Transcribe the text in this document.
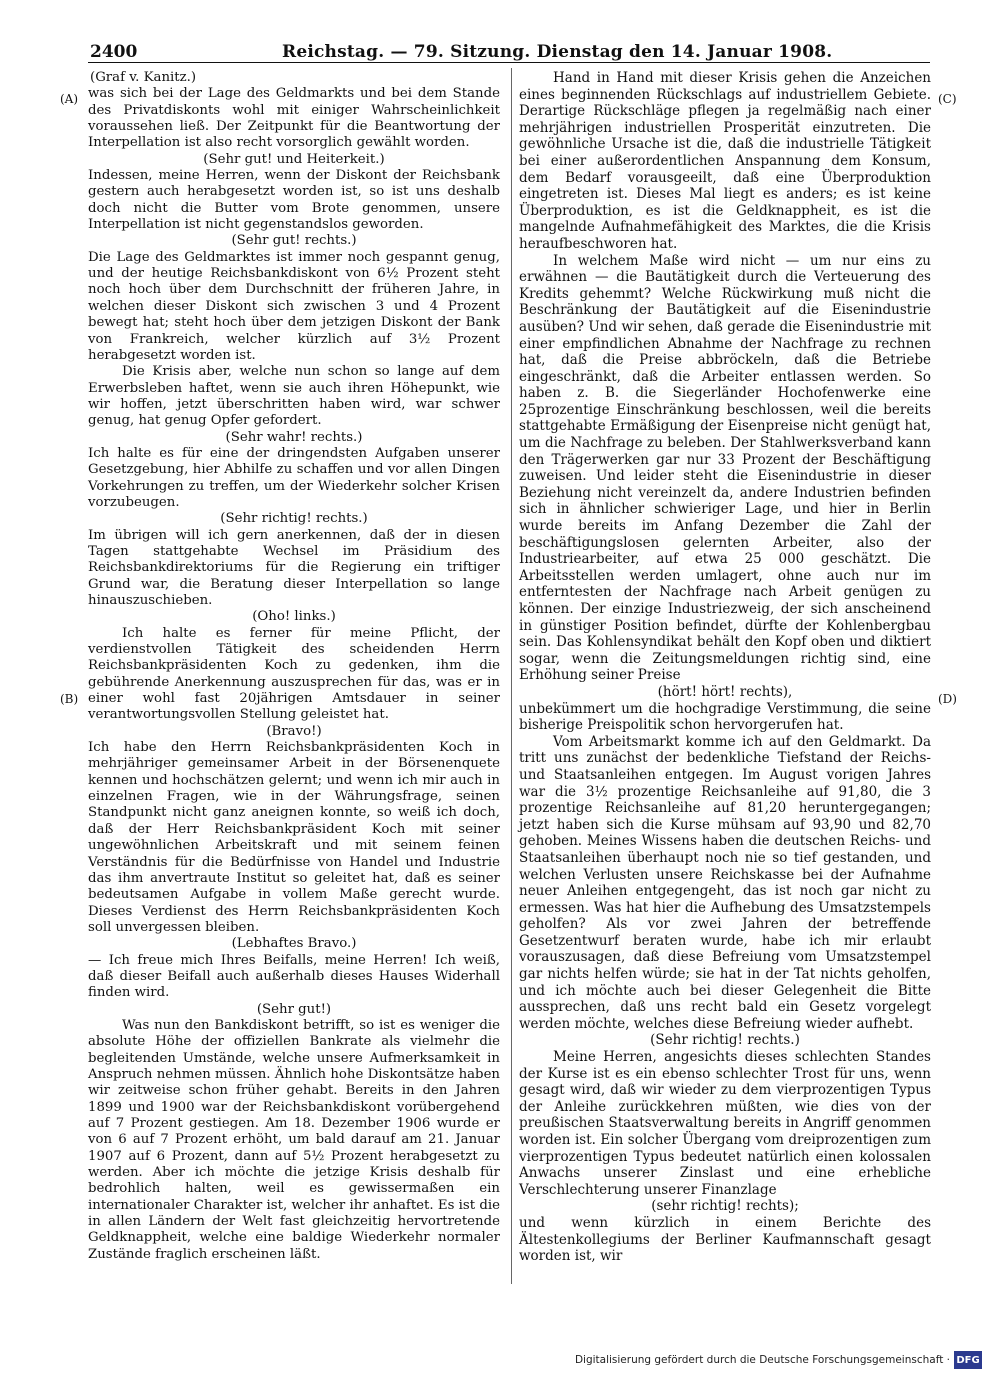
2400	Reichstag. — 79. Sitzung. Dienstag den 14. Januar 1908.
(A)
(B)
(C)
(D)

(Graf v. Kanitz.)

was sich bei der Lage des Geldmarkts und bei dem Stande des Privatdiskonts wohl mit einiger Wahrscheinlichkeit voraussehen ließ. Der Zeitpunkt für die Beantwortung der Interpellation ist also recht vorsorglich gewählt worden.

(Sehr gut! und Heiterkeit.)

Indessen, meine Herren, wenn der Diskont der Reichsbank gestern auch herabgesetzt worden ist, so ist uns deshalb doch nicht die Butter vom Brote genommen, unsere Interpellation ist nicht gegenstandslos geworden.

(Sehr gut! rechts.)

Die Lage des Geldmarktes ist immer noch gespannt genug, und der heutige Reichsbankdiskont von 6½ Prozent steht noch hoch über dem Durchschnitt der früheren Jahre, in welchen dieser Diskont sich zwischen 3 und 4 Prozent bewegt hat; steht hoch über dem jetzigen Diskont der Bank von Frankreich, welcher kürzlich auf 3½ Prozent herabgesetzt worden ist.

Die Krisis aber, welche nun schon so lange auf dem Erwerbsleben haftet, wenn sie auch ihren Höhepunkt, wie wir hoffen, jetzt überschritten haben wird, war schwer genug, hat genug Opfer gefordert.

(Sehr wahr! rechts.)

Ich halte es für eine der dringendsten Aufgaben unserer Gesetzgebung, hier Abhilfe zu schaffen und vor allen Dingen Vorkehrungen zu treffen, um der Wiederkehr solcher Krisen vorzubeugen.

(Sehr richtig! rechts.)

Im übrigen will ich gern anerkennen, daß der in diesen Tagen stattgehabte Wechsel im Präsidium des Reichsbankdirektoriums für die Regierung ein triftiger Grund war, die Beratung dieser Interpellation so lange hinauszuschieben.

(Oho! links.)

Ich halte es ferner für meine Pflicht, der verdienstvollen Tätigkeit des scheidenden Herrn Reichsbankpräsidenten Koch zu gedenken, ihm die gebührende Anerkennung auszusprechen für das, was er in einer wohl fast 20jährigen Amtsdauer in seiner verantwortungsvollen Stellung geleistet hat.

(Bravo!)

Ich habe den Herrn Reichsbankpräsidenten Koch in mehrjähriger gemeinsamer Arbeit in der Börsenenquete kennen und hochschätzen gelernt; und wenn ich mir auch in einzelnen Fragen, wie in der Währungsfrage, seinen Standpunkt nicht ganz aneignen konnte, so weiß ich doch, daß der Herr Reichsbankpräsident Koch mit seiner ungewöhnlichen Arbeitskraft und mit seinem feinen Verständnis für die Bedürfnisse von Handel und Industrie das ihm anvertraute Institut so geleitet hat, daß es seiner bedeutsamen Aufgabe in vollem Maße gerecht wurde. Dieses Verdienst des Herrn Reichsbankpräsidenten Koch soll unvergessen bleiben.

(Lebhaftes Bravo.)

— Ich freue mich Ihres Beifalls, meine Herren! Ich weiß, daß dieser Beifall auch außerhalb dieses Hauses Widerhall finden wird.

(Sehr gut!)

Was nun den Bankdiskont betrifft, so ist es weniger die absolute Höhe der offiziellen Bankrate als vielmehr die begleitenden Umstände, welche unsere Aufmerksamkeit in Anspruch nehmen müssen. Ähnlich hohe Diskontsätze haben wir zeitweise schon früher gehabt. Bereits in den Jahren 1899 und 1900 war der Reichsbankdiskont vorübergehend auf 7 Prozent gestiegen. Am 18. Dezember 1906 wurde er von 6 auf 7 Prozent erhöht, um bald darauf am 21. Januar 1907 auf 6 Prozent, dann auf 5½ Prozent herabgesetzt zu werden. Aber ich möchte die jetzige Krisis deshalb für bedrohlich halten, weil es gewissermaßen ein internationaler Charakter ist, welcher ihr anhaftet. Es ist die in allen Ländern der Welt fast gleichzeitig hervortretende Geldknappheit, welche eine baldige Wiederkehr normaler Zustände fraglich erscheinen läßt.

Hand in Hand mit dieser Krisis gehen die Anzeichen eines beginnenden Rückschlags auf industriellem Gebiete. Derartige Rückschläge pflegen ja regelmäßig nach einer mehrjährigen industriellen Prosperität einzutreten. Die gewöhnliche Ursache ist die, daß die industrielle Tätigkeit bei einer außerordentlichen Anspannung dem Konsum, dem Bedarf vorausgeeilt, daß eine Überproduktion eingetreten ist. Dieses Mal liegt es anders; es ist keine Überproduktion, es ist die Geldknappheit, es ist die mangelnde Aufnahmefähigkeit des Marktes, die die Krisis heraufbeschworen hat.

In welchem Maße wird nicht — um nur eins zu erwähnen — die Bautätigkeit durch die Verteuerung des Kredits gehemmt? Welche Rückwirkung muß nicht die Beschränkung der Bautätigkeit auf die Eisenindustrie ausüben? Und wir sehen, daß gerade die Eisenindustrie mit einer empfindlichen Abnahme der Nachfrage zu rechnen hat, daß die Preise abbröckeln, daß die Betriebe eingeschränkt, daß die Arbeiter entlassen werden. So haben z. B. die Siegerländer Hochofenwerke eine 25prozentige Einschränkung beschlossen, weil die bereits stattgehabte Ermäßigung der Eisenpreise nicht genügt hat, um die Nachfrage zu beleben. Der Stahlwerksverband kann den Trägerwerken gar nur 33 Prozent der Beschäftigung zuweisen. Und leider steht die Eisenindustrie in dieser Beziehung nicht vereinzelt da, andere Industrien befinden sich in ähnlicher schwieriger Lage, und hier in Berlin wurde bereits im Anfang Dezember die Zahl der beschäftigungslosen gelernten Arbeiter, also der Industriearbeiter, auf etwa 25 000 geschätzt. Die Arbeitsstellen werden umlagert, ohne auch nur im entferntesten der Nachfrage nach Arbeit genügen zu können. Der einzige Industriezweig, der sich anscheinend in günstiger Position befindet, dürfte der Kohlenbergbau sein. Das Kohlensyndikat behält den Kopf oben und diktiert sogar, wenn die Zeitungsmeldungen richtig sind, eine Erhöhung seiner Preise

(hört! hört! rechts),

unbekümmert um die hochgradige Verstimmung, die seine bisherige Preispolitik schon hervorgerufen hat.

Vom Arbeitsmarkt komme ich auf den Geldmarkt. Da tritt uns zunächst der bedenkliche Tiefstand der Reichs- und Staatsanleihen entgegen. Im August vorigen Jahres war die 3½ prozentige Reichsanleihe auf 91,80, die 3 prozentige Reichsanleihe auf 81,20 heruntergegangen; jetzt haben sich die Kurse mühsam auf 93,90 und 82,70 gehoben. Meines Wissens haben die deutschen Reichs- und Staatsanleihen überhaupt noch nie so tief gestanden, und welchen Verlusten unsere Reichskasse bei der Aufnahme neuer Anleihen entgegengeht, das ist noch gar nicht zu ermessen. Was hat hier die Aufhebung des Umsatzstempels geholfen? Als vor zwei Jahren der betreffende Gesetzentwurf beraten wurde, habe ich mir erlaubt vorauszusagen, daß diese Befreiung vom Umsatzstempel gar nichts helfen würde; sie hat in der Tat nichts geholfen, und ich möchte auch bei dieser Gelegenheit die Bitte aussprechen, daß uns recht bald ein Gesetz vorgelegt werden möchte, welches diese Befreiung wieder aufhebt.

(Sehr richtig! rechts.)

Meine Herren, angesichts dieses schlechten Standes der Kurse ist es ein ebenso schlechter Trost für uns, wenn gesagt wird, daß wir wieder zu dem vierprozentigen Typus der Anleihe zurückkehren müßten, wie dies von der preußischen Staatsverwaltung bereits in Angriff genommen worden ist. Ein solcher Übergang vom dreiprozentigen zum vierprozentigen Typus bedeutet natürlich einen kolossalen Anwachs unserer Zinslast und eine erhebliche Verschlechterung unserer Finanzlage

(sehr richtig! rechts);

und wenn kürzlich in einem Berichte des Ältestenkollegiums der Berliner Kaufmannschaft gesagt worden ist, wir

Digitalisierung gefördert durch die Deutsche Forschungsgemeinschaft · DFG
